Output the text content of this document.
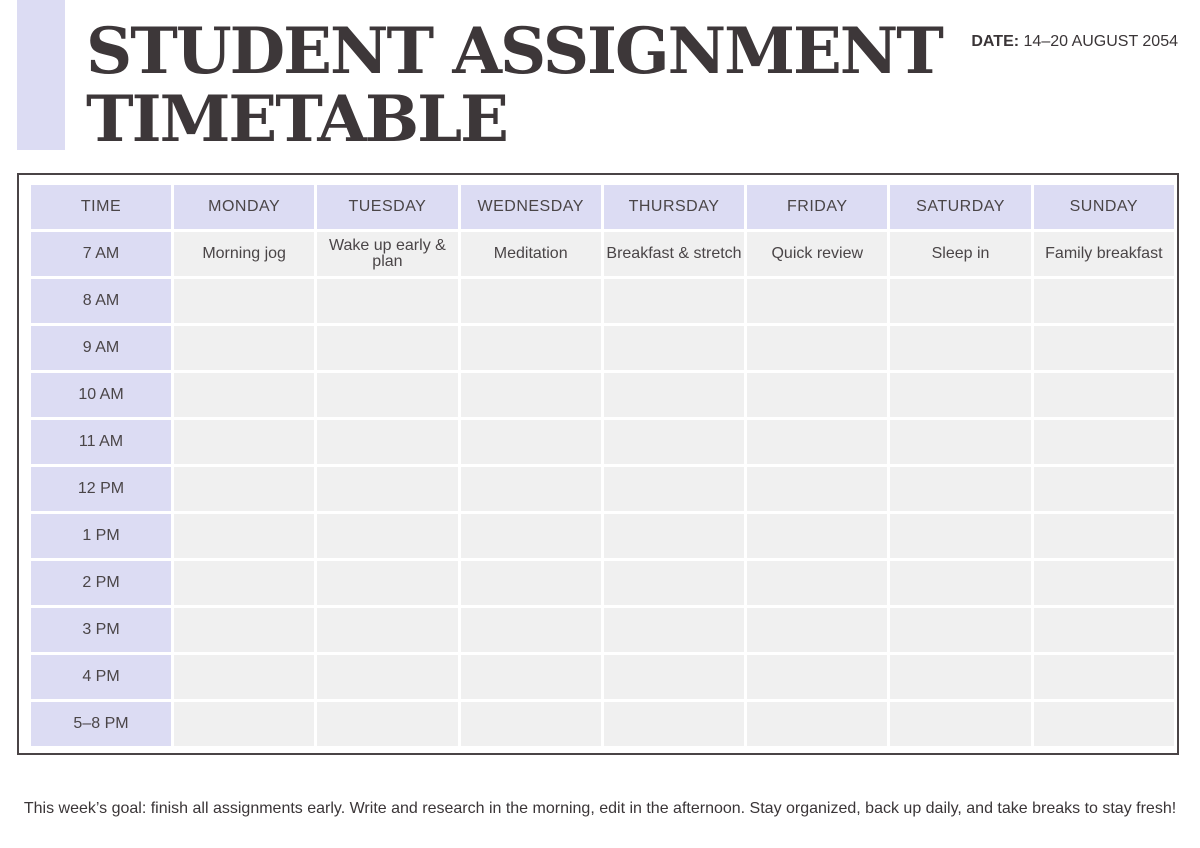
STUDENT ASSIGNMENT
TIMETABLE
DATE: 14–20 AUGUST 2054
TIME	MONDAY	TUESDAY	WEDNESDAY	THURSDAY	FRIDAY	SATURDAY	SUNDAY
7 AM	Morning jog	Wake up early & plan	Meditation	Breakfast & stretch	Quick review	Sleep in	Family breakfast
8 AM							
9 AM							
10 AM							
11 AM							
12 PM							
1 PM							
2 PM							
3 PM							
4 PM							
5–8 PM							

This week’s goal: finish all assignments early. Write and research in the morning, edit in the afternoon. Stay organized, back up daily, and take breaks to stay fresh!
